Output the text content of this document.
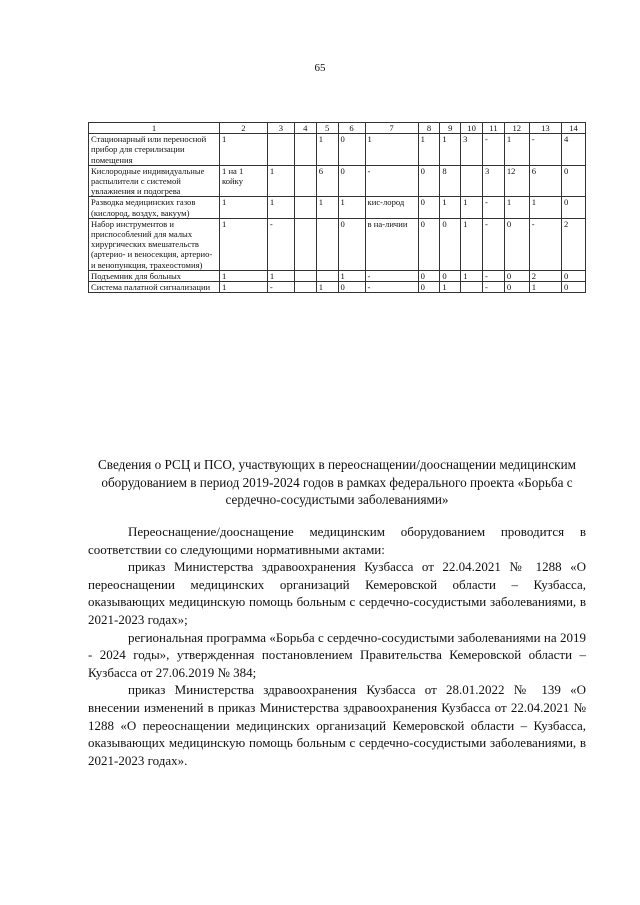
65
1	2	3	4	5	6	7	8	9	10	11	12	13	14
Стационарный или переносной прибор для стерилизации помещения	1			1	0	1	1	1	3	-	1	-	4
Кислородные индивидуальные распылители с системой увлажнения и подогрева	1 на 1 койку	1		6	0	-	0	8		3	12	6	0
Разводка медицинских газов (кислород, воздух, вакуум)	1	1		1	1	кис-лород	0	1	1	-	1	1	0
Набор инструментов и приспособлений для малых хирургических вмешательств (артерио- и веносекция, артерио- и венопункция, трахеостомия)	1	-			0	в на-личии	0	0	1	-	0	-	2
Подъемник для больных	1	1			1	-	0	0	1	-	0	2	0
Система палатной сигнализации	1	-		1	0	-	0	1		-	0	1	0
Сведения о РСЦ и ПСО, участвующих в переоснащении/дооснащении медицинским оборудованием в период 2019-2024 годов в рамках федерального проекта «Борьба с сердечно-сосудистыми заболеваниями»

Переоснащение/дооснащение медицинским оборудованием проводится в соответствии со следующими нормативными актами:

приказ Министерства здравоохранения Кузбасса от 22.04.2021 № 1288 «О переоснащении медицинских организаций Кемеровской области – Кузбасса, оказывающих медицинскую помощь больным с сердечно-сосудистыми заболеваниями, в 2021-2023 годах»;

региональная программа «Борьба с сердечно-сосудистыми заболеваниями на 2019 - 2024 годы», утвержденная постановлением Правительства Кемеровской области – Кузбасса от 27.06.2019 № 384;

приказ Министерства здравоохранения Кузбасса от 28.01.2022 № 139 «О внесении изменений в приказ Министерства здравоохранения Кузбасса от 22.04.2021 № 1288 «О переоснащении медицинских организаций Кемеровской области – Кузбасса, оказывающих медицинскую помощь больным с сердечно-сосудистыми заболеваниями, в 2021-2023 годах».
